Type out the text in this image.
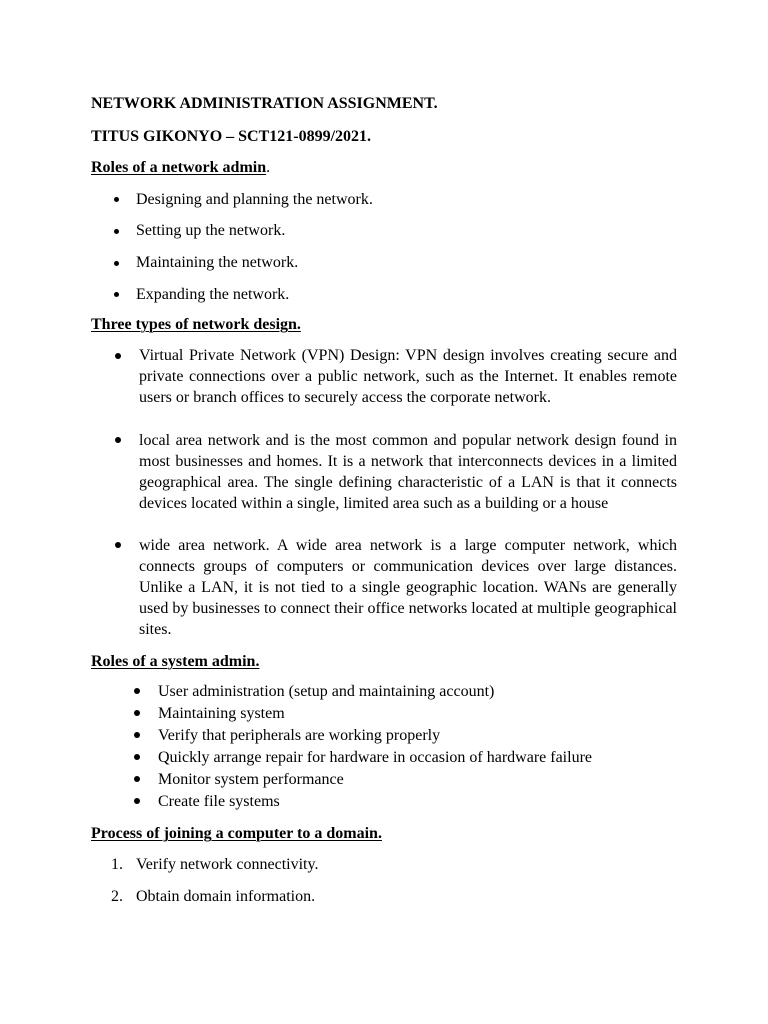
NETWORK ADMINISTRATION ASSIGNMENT.
TITUS GIKONYO – SCT121-0899/2021.
Roles of a network admin.
Designing and planning the network.
Setting up the network.
Maintaining the network.
Expanding the network.
Three types of network design.
Virtual Private Network (VPN) Design: VPN design involves creating secure and private connections over a public network, such as the Internet. It enables remote users or branch offices to securely access the corporate network.
local area network and is the most common and popular network design found in most businesses and homes. It is a network that interconnects devices in a limited geographical area. The single defining characteristic of a LAN is that it connects devices located within a single, limited area such as a building or a house
wide area network. A wide area network is a large computer network, which connects groups of computers or communication devices over large distances. Unlike a LAN, it is not tied to a single geographic location. WANs are generally used by businesses to connect their office networks located at multiple geographical sites.
Roles of a system admin.
User administration (setup and maintaining account)
Maintaining system
Verify that peripherals are working properly
Quickly arrange repair for hardware in occasion of hardware failure
Monitor system performance
Create file systems
Process of joining a computer to a domain.
1. Verify network connectivity.
2. Obtain domain information.
